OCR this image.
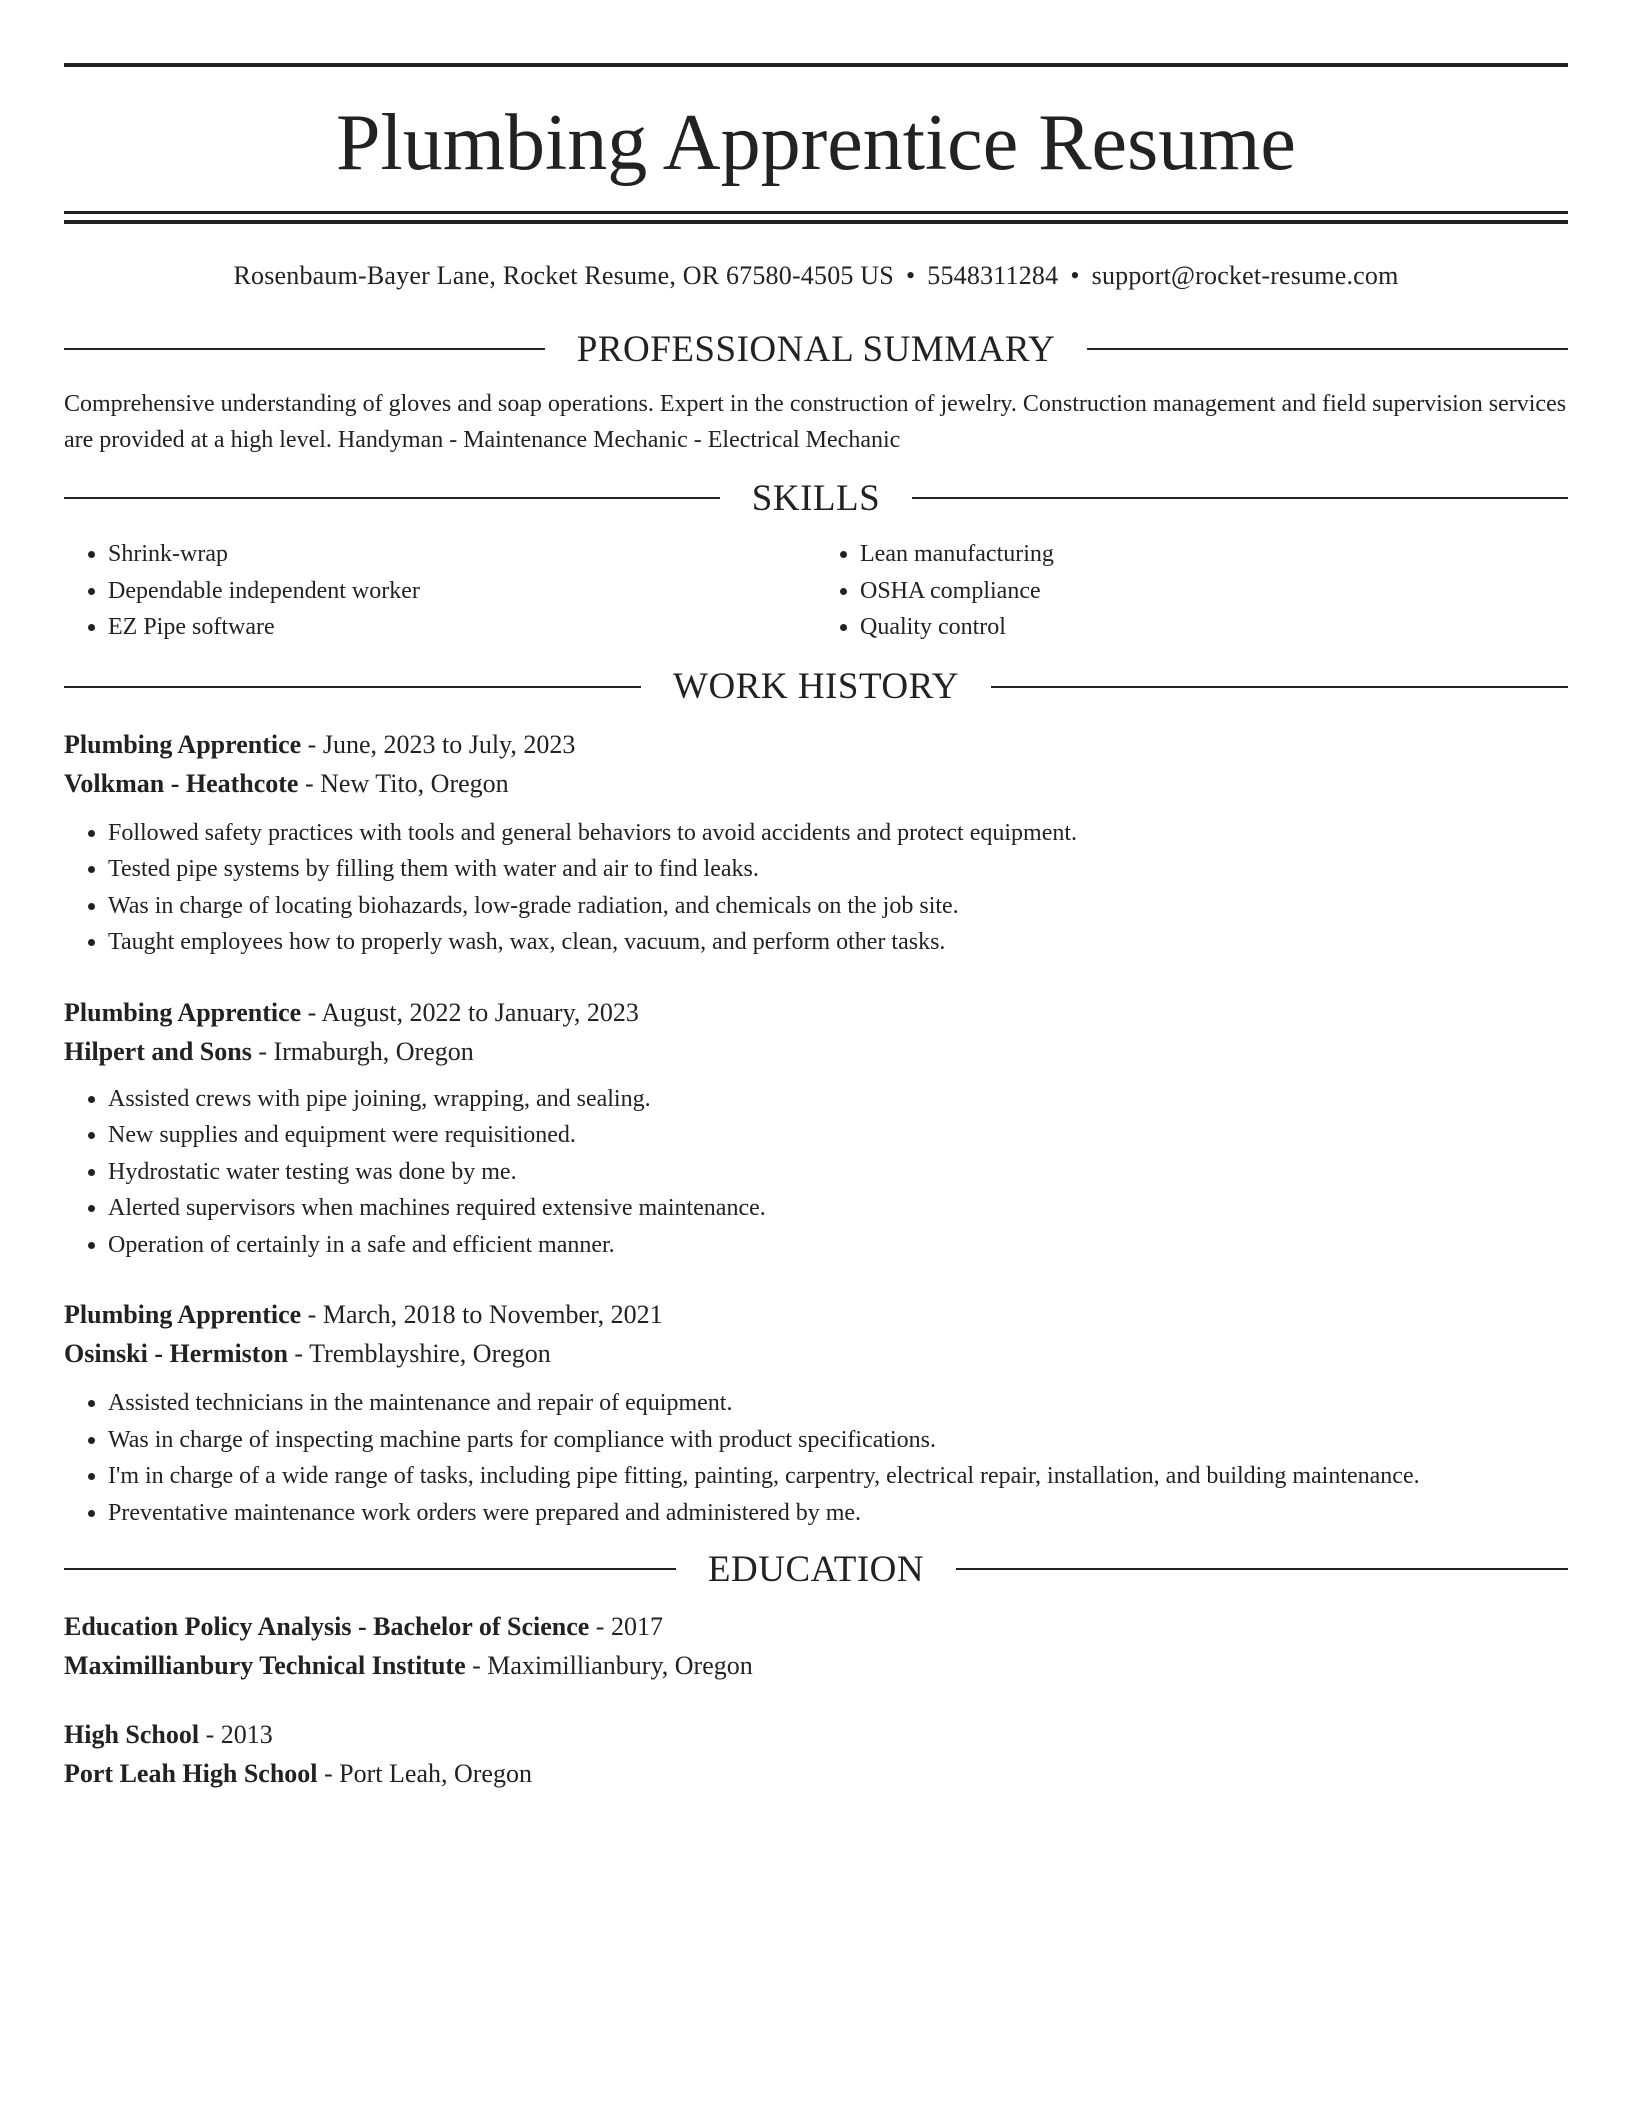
Plumbing Apprentice Resume
Rosenbaum-Bayer Lane, Rocket Resume, OR 67580-4505 US • 5548311284 • support@rocket-resume.com
PROFESSIONAL SUMMARY
Comprehensive understanding of gloves and soap operations. Expert in the construction of jewelry. Construction management and field supervision services are provided at a high level. Handyman - Maintenance Mechanic - Electrical Mechanic
SKILLS
• Shrink-wrap
• Dependable independent worker
• EZ Pipe software
• Lean manufacturing
• OSHA compliance
• Quality control
WORK HISTORY
Plumbing Apprentice - June, 2023 to July, 2023
Volkman - Heathcote - New Tito, Oregon
• Followed safety practices with tools and general behaviors to avoid accidents and protect equipment.
• Tested pipe systems by filling them with water and air to find leaks.
• Was in charge of locating biohazards, low-grade radiation, and chemicals on the job site.
• Taught employees how to properly wash, wax, clean, vacuum, and perform other tasks.
Plumbing Apprentice - August, 2022 to January, 2023
Hilpert and Sons - Irmaburgh, Oregon
• Assisted crews with pipe joining, wrapping, and sealing.
• New supplies and equipment were requisitioned.
• Hydrostatic water testing was done by me.
• Alerted supervisors when machines required extensive maintenance.
• Operation of certainly in a safe and efficient manner.
Plumbing Apprentice - March, 2018 to November, 2021
Osinski - Hermiston - Tremblayshire, Oregon
• Assisted technicians in the maintenance and repair of equipment.
• Was in charge of inspecting machine parts for compliance with product specifications.
• I'm in charge of a wide range of tasks, including pipe fitting, painting, carpentry, electrical repair, installation, and building maintenance.
• Preventative maintenance work orders were prepared and administered by me.
EDUCATION
Education Policy Analysis - Bachelor of Science - 2017
Maximillianbury Technical Institute - Maximillianbury, Oregon
High School - 2013
Port Leah High School - Port Leah, Oregon
